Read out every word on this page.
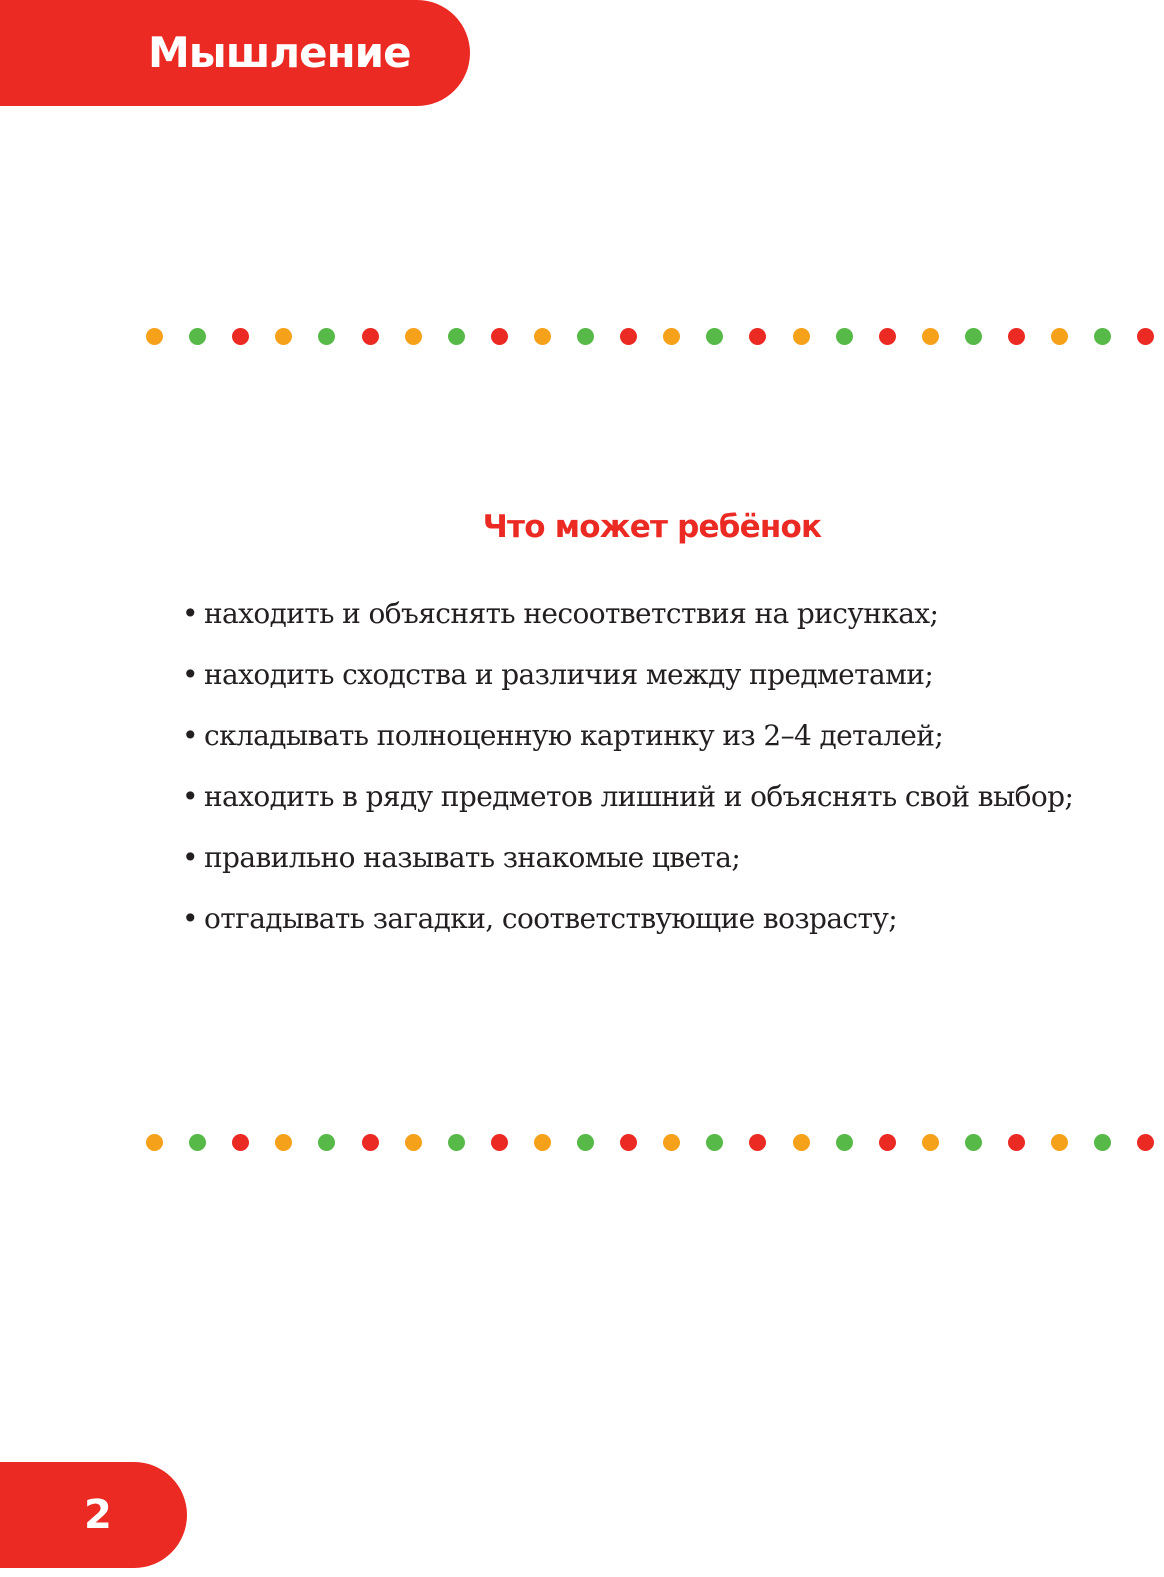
Мышление
Что может ребёнок
• находить и объяснять несоответствия на рисунках;
• находить сходства и различия между предметами;
• складывать полноценную картинку из 2–4 деталей;
• находить в ряду предметов лишний и объяснять свой выбор;
• правильно называть знакомые цвета;
• отгадывать загадки, соответствующие возрасту;
2
